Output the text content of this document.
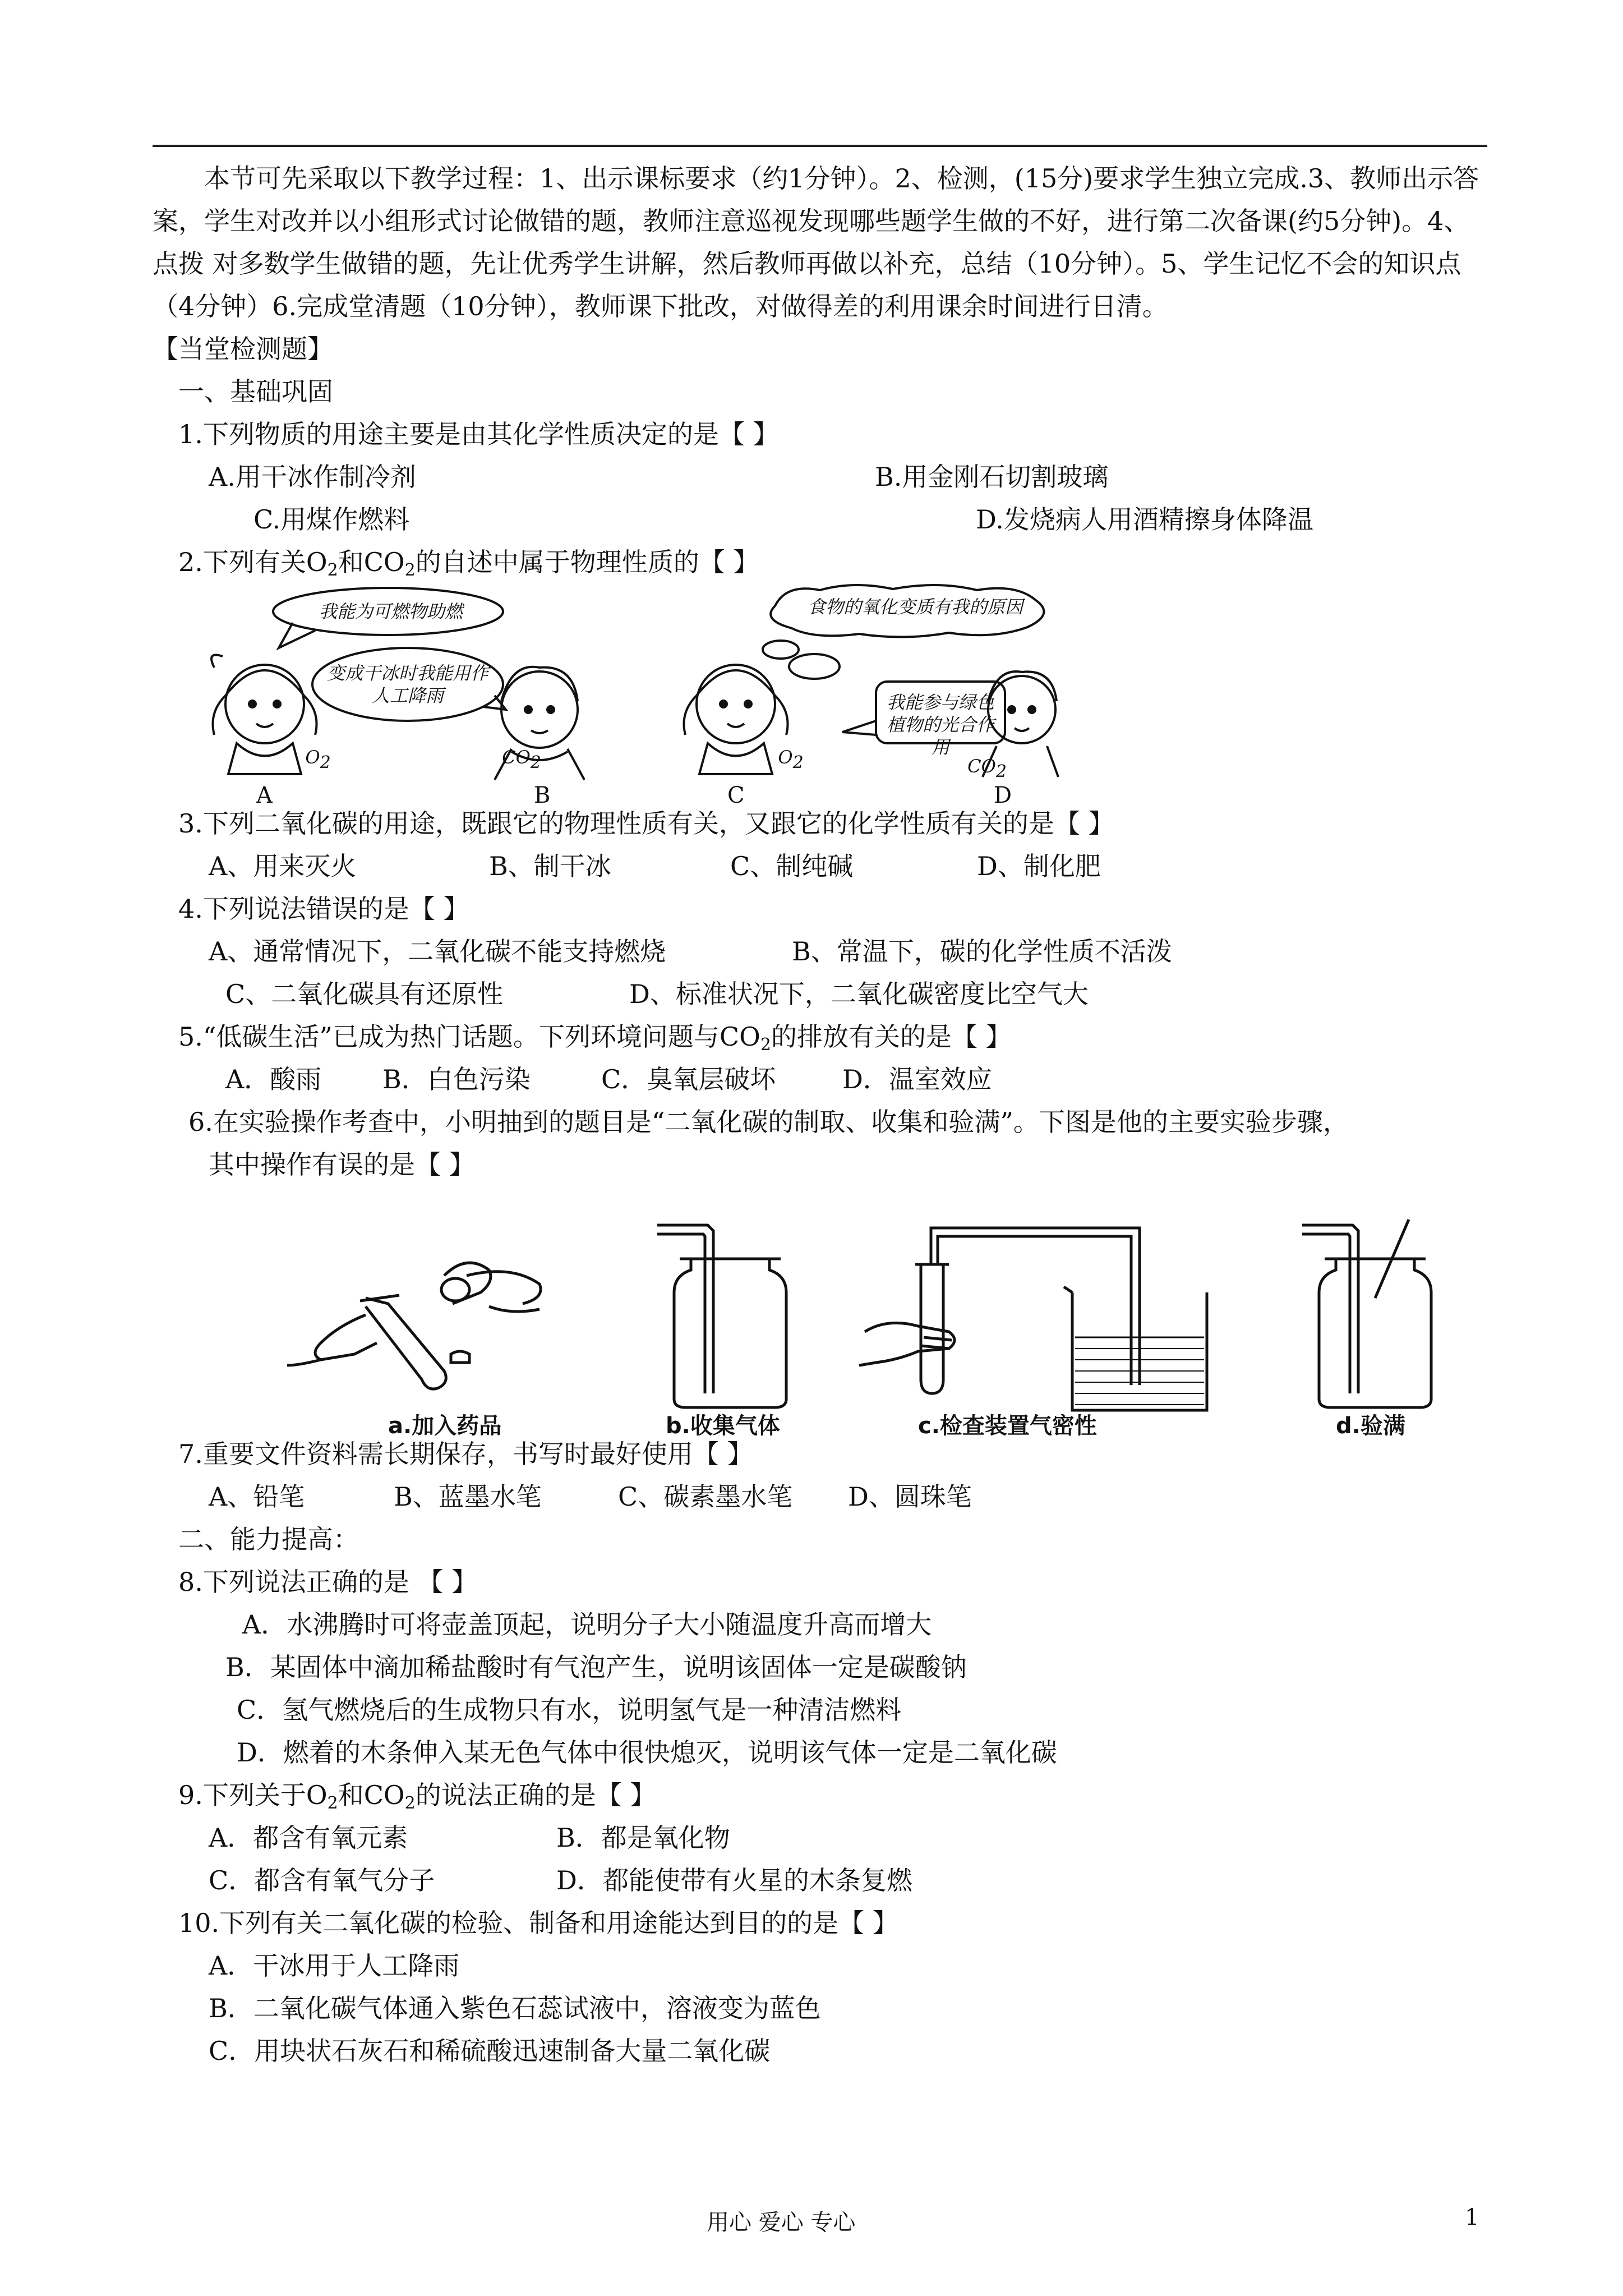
本节可先采取以下教学过程：1、出示课标要求（约1分钟）。2、检测，(15分)要求学生独立完成.3、教师出示答案，学生对改并以小组形式讨论做错的题，教师注意巡视发现哪些题学生做的不好，进行第二次备课(约5分钟)。4、点拨 对多数学生做错的题，先让优秀学生讲解，然后教师再做以补充，总结（10分钟）。5、学生记忆不会的知识点（4分钟）6.完成堂清题（10分钟），教师课下批改，对做得差的利用课余时间进行日清。

【当堂检测题】
一、基础巩固
1.下列物质的用途主要是由其化学性质决定的是【 】
A.用干冰作制冷剂	B.用金刚石切割玻璃
C.用煤作燃料	D.发烧病人用酒精擦身体降温
2.下列有关$O_2$和$CO_2$的自述中属于物理性质的【 】
我能为可燃物助燃
变成干冰时我能用作人工降雨
食物的氧化变质有我的原因
我能参与绿色植物的光合作用
$O_2$	$CO_2$	$O_2$	$CO_2$
A	B	C	D
3.下列二氧化碳的用途，既跟它的物理性质有关，又跟它的化学性质有关的是【 】
A、用来灭火	B、制干冰	C、制纯碱	D、制化肥
4.下列说法错误的是【 】
A、通常情况下，二氧化碳不能支持燃烧	B、常温下，碳的化学性质不活泼
C、二氧化碳具有还原性	D、标准状况下，二氧化碳密度比空气大
5.“低碳生活”已成为热门话题。下列环境问题与$CO_2$的排放有关的是【 】
A．酸雨 B．白色污染	C．臭氧层破坏	D．温室效应
6.在实验操作考查中，小明抽到的题目是“二氧化碳的制取、收集和验满”。下图是他的主要实验步骤，
其中操作有误的是【 】
a.加入药品	b.收集气体	c.检查装置气密性	d.验满
7.重要文件资料需长期保存，书写时最好使用【 】
A、铅笔	B、蓝墨水笔	C、碳素墨水笔 D、圆珠笔
二、能力提高：
8.下列说法正确的是 【 】
A．水沸腾时可将壶盖顶起，说明分子大小随温度升高而增大
B．某固体中滴加稀盐酸时有气泡产生，说明该固体一定是碳酸钠
C．氢气燃烧后的生成物只有水，说明氢气是一种清洁燃料
D．燃着的木条伸入某无色气体中很快熄灭，说明该气体一定是二氧化碳
9.下列关于$O_2$和$CO_2$的说法正确的是【 】
A．都含有氧元素	B．都是氧化物
C．都含有氧气分子	D．都能使带有火星的木条复燃
10.下列有关二氧化碳的检验、制备和用途能达到目的的是【 】
A．干冰用于人工降雨
B．二氧化碳气体通入紫色石蕊试液中，溶液变为蓝色
C．用块状石灰石和稀硫酸迅速制备大量二氧化碳
用心 爱心 专心	1
